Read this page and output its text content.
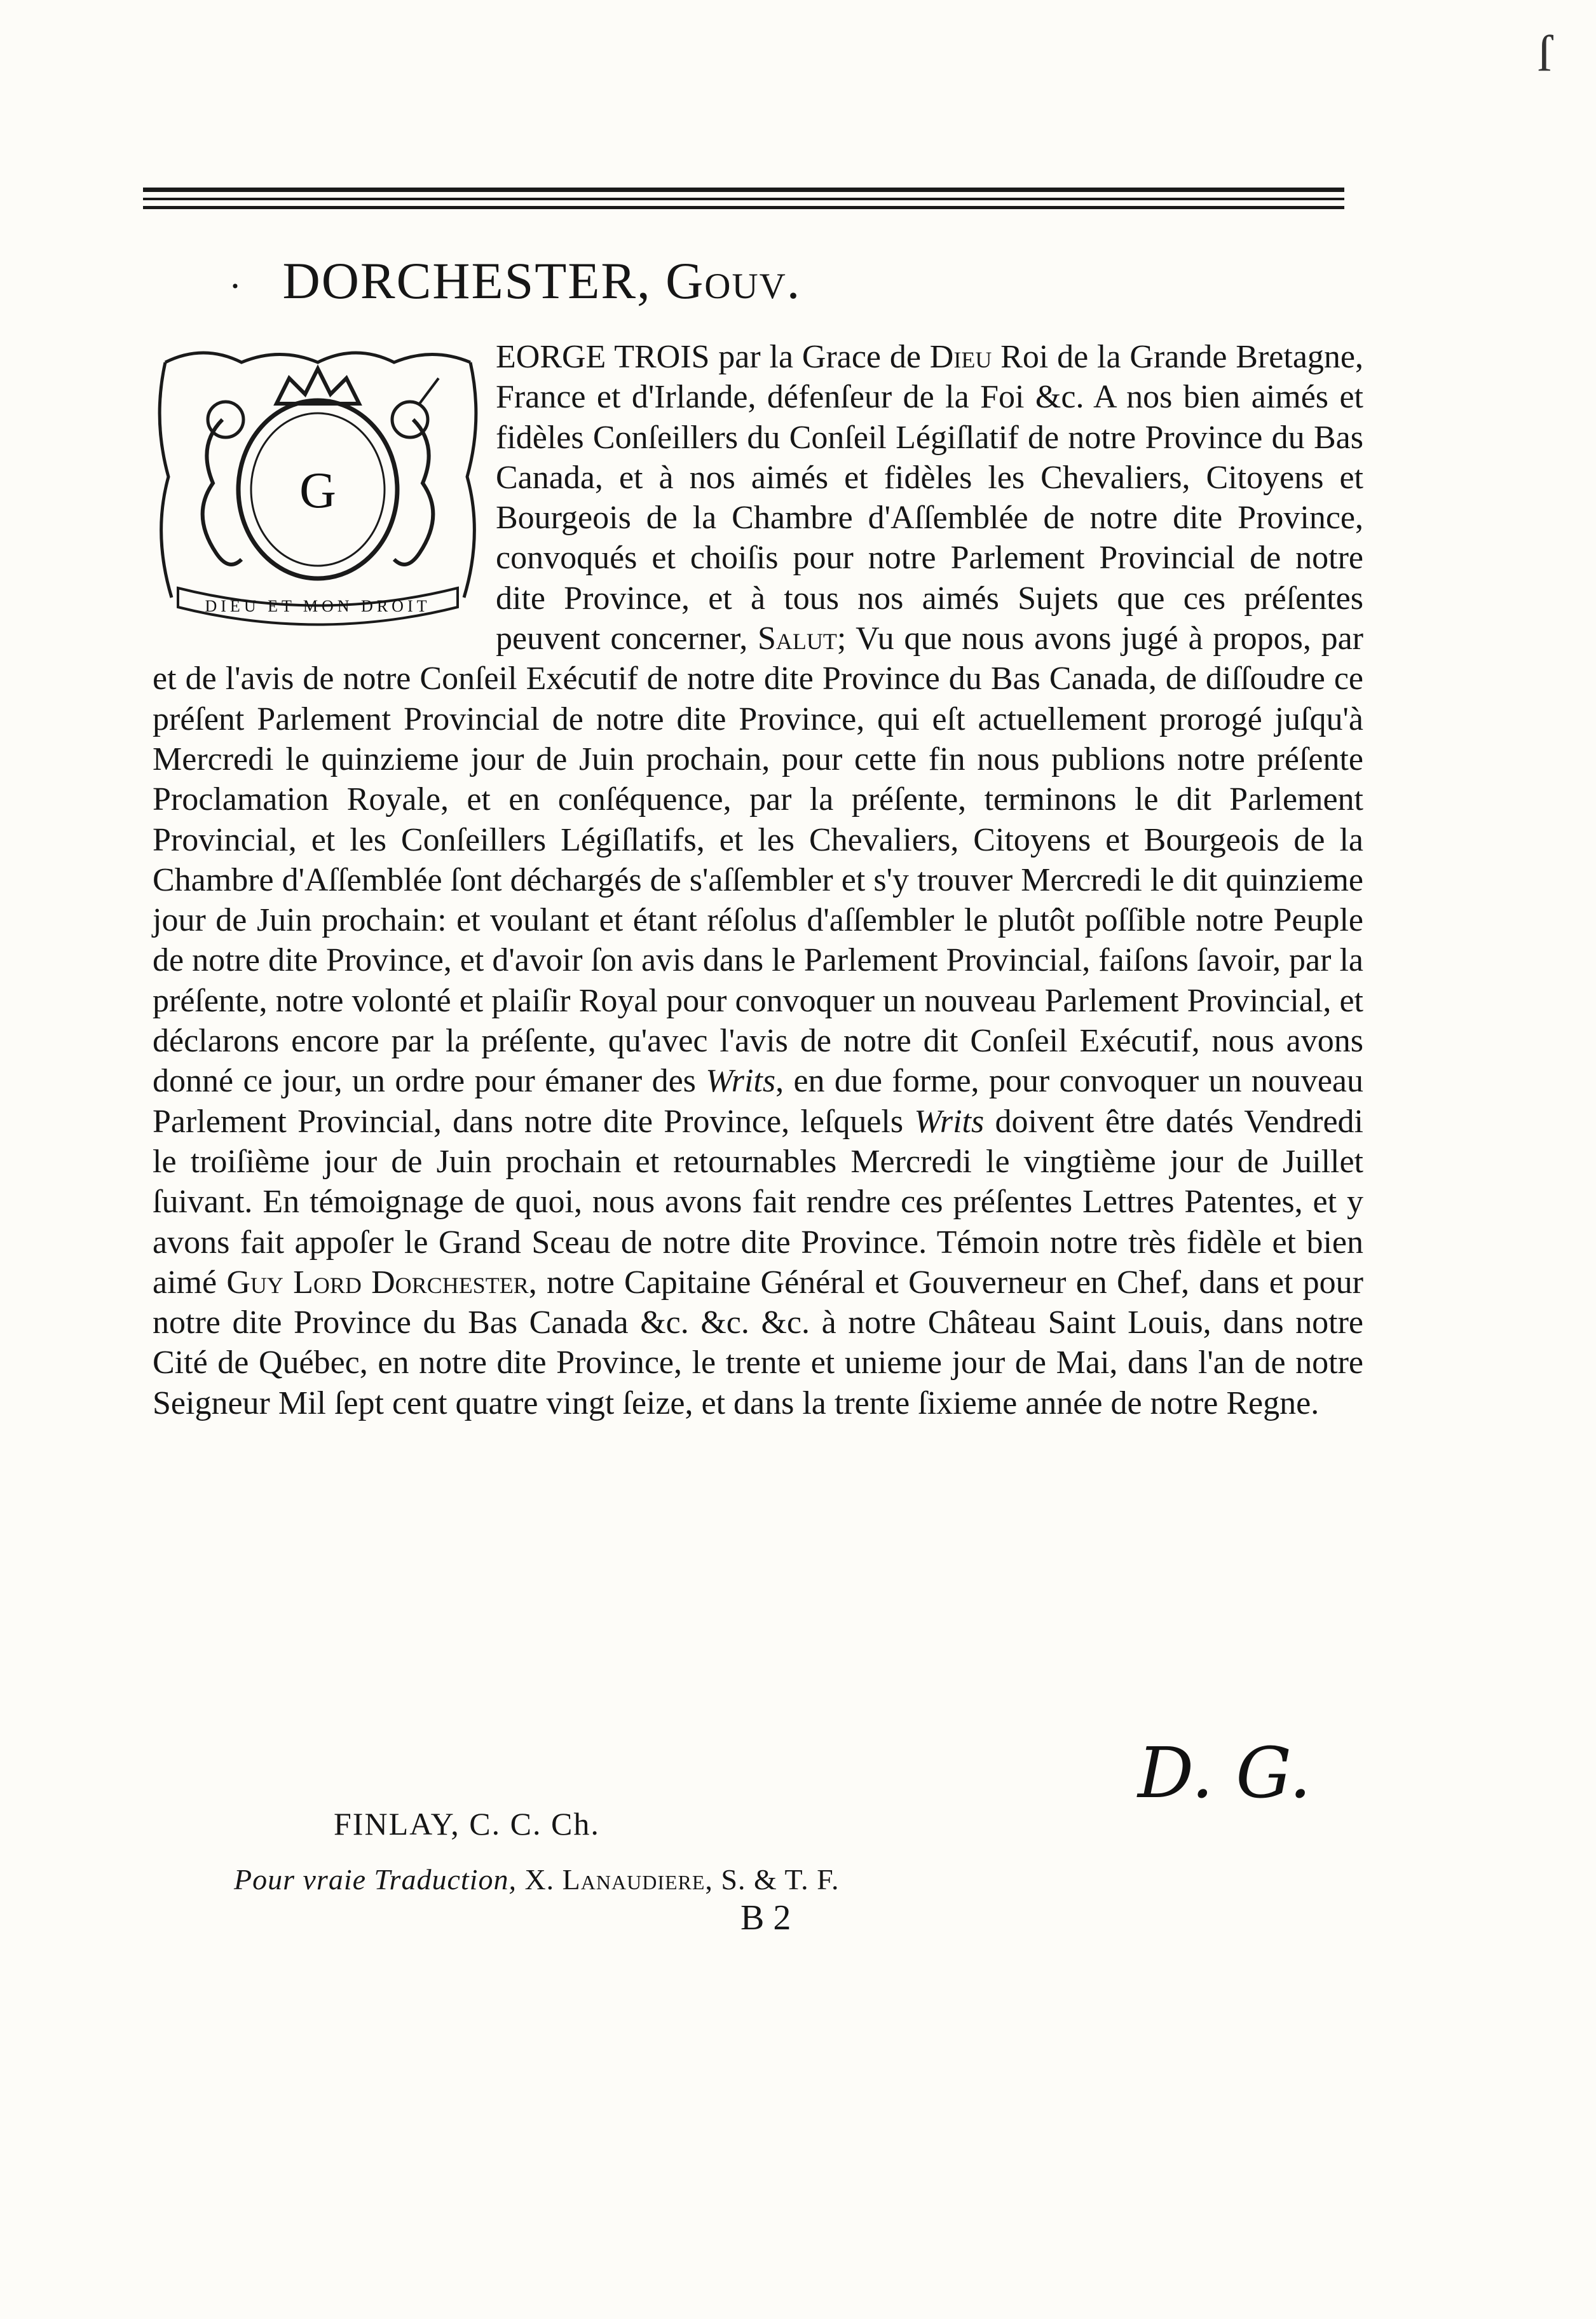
ſ
· DORCHESTER, Gouv.
G
DIEU ET MON DROIT

EORGE TROIS par la Grace de Dieu Roi de la Grande Bretagne, France et d'Irlande, défenſeur de la Foi &c. A nos bien aimés et fidèles Conſeillers du Conſeil Légiſlatif de notre Province du Bas Canada, et à nos aimés et fidèles les Chevaliers, Citoyens et Bourgeois de la Chambre d'Aſſemblée de notre dite Province, convoqués et choiſis pour notre Parlement Provincial de notre dite Province, et à tous nos aimés Sujets que ces préſentes peuvent concerner, Salut; Vu que nous avons jugé à propos, par et de l'avis de notre Conſeil Exécutif de notre dite Province du Bas Canada, de diſſoudre ce préſent Parlement Provincial de notre dite Province, qui eſt actuellement prorogé juſqu'à Mercredi le quinzieme jour de Juin prochain, pour cette fin nous publions notre préſente Proclamation Royale, et en conſéquence, par la préſente, terminons le dit Parlement Provincial, et les Conſeillers Légiſlatifs, et les Chevaliers, Citoyens et Bourgeois de la Chambre d'Aſſemblée ſont déchargés de s'aſſembler et s'y trouver Mercredi le dit quinzieme jour de Juin prochain: et voulant et étant réſolus d'aſſembler le plutôt poſſible notre Peuple de notre dite Province, et d'avoir ſon avis dans le Parlement Provincial, faiſons ſavoir, par la préſente, notre volonté et plaiſir Royal pour convoquer un nouveau Parlement Provincial, et déclarons encore par la préſente, qu'avec l'avis de notre dit Conſeil Exécutif, nous avons donné ce jour, un ordre pour émaner des Writs, en due forme, pour convoquer un nouveau Parlement Provincial, dans notre dite Province, leſquels Writs doivent être datés Vendredi le troiſième jour de Juin prochain et retournables Mercredi le vingtième jour de Juillet ſuivant. En témoignage de quoi, nous avons fait rendre ces préſentes Lettres Patentes, et y avons fait appoſer le Grand Sceau de notre dite Province. Témoin notre très fidèle et bien aimé Guy Lord Dorchester, notre Capitaine Général et Gouverneur en Chef, dans et pour notre dite Province du Bas Canada &c. &c. &c. à notre Château Saint Louis, dans notre Cité de Québec, en notre dite Province, le trente et unieme jour de Mai, dans l'an de notre Seigneur Mil ſept cent quatre vingt ſeize, et dans la trente ſixieme année de notre Regne.

D. G.
FINLAY, C. C. Ch.
Pour vraie Traduction, X. Lanaudiere, S. & T. F.
B 2
